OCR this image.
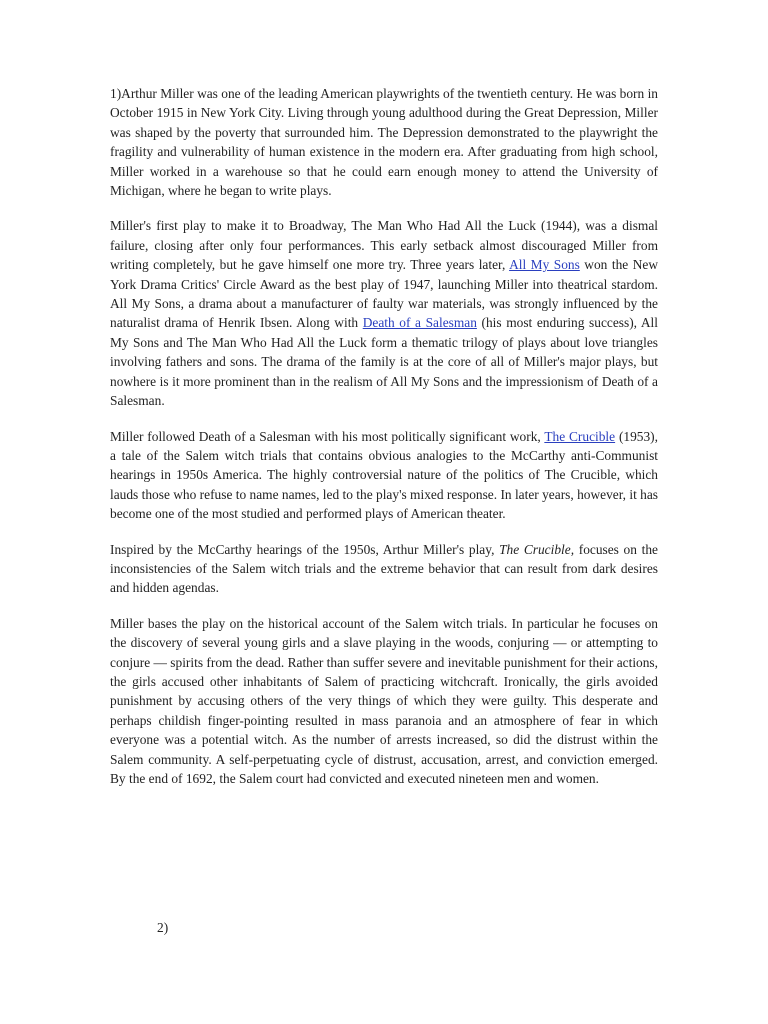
1)Arthur Miller was one of the leading American playwrights of the twentieth century. He was born in October 1915 in New York City. Living through young adulthood during the Great Depression, Miller was shaped by the poverty that surrounded him. The Depression demonstrated to the playwright the fragility and vulnerability of human existence in the modern era. After graduating from high school, Miller worked in a warehouse so that he could earn enough money to attend the University of Michigan, where he began to write plays.

Miller's first play to make it to Broadway, The Man Who Had All the Luck (1944), was a dismal failure, closing after only four performances. This early setback almost discouraged Miller from writing completely, but he gave himself one more try. Three years later, All My Sons won the New York Drama Critics' Circle Award as the best play of 1947, launching Miller into theatrical stardom. All My Sons, a drama about a manufacturer of faulty war materials, was strongly influenced by the naturalist drama of Henrik Ibsen. Along with Death of a Salesman (his most enduring success), All My Sons and The Man Who Had All the Luck form a thematic trilogy of plays about love triangles involving fathers and sons. The drama of the family is at the core of all of Miller's major plays, but nowhere is it more prominent than in the realism of All My Sons and the impressionism of Death of a Salesman.

Miller followed Death of a Salesman with his most politically significant work, The Crucible (1953), a tale of the Salem witch trials that contains obvious analogies to the McCarthy anti-Communist hearings in 1950s America. The highly controversial nature of the politics of The Crucible, which lauds those who refuse to name names, led to the play's mixed response. In later years, however, it has become one of the most studied and performed plays of American theater.

Inspired by the McCarthy hearings of the 1950s, Arthur Miller's play, The Crucible, focuses on the inconsistencies of the Salem witch trials and the extreme behavior that can result from dark desires and hidden agendas.

Miller bases the play on the historical account of the Salem witch trials. In particular he focuses on the discovery of several young girls and a slave playing in the woods, conjuring — or attempting to conjure — spirits from the dead. Rather than suffer severe and inevitable punishment for their actions, the girls accused other inhabitants of Salem of practicing witchcraft. Ironically, the girls avoided punishment by accusing others of the very things of which they were guilty. This desperate and perhaps childish finger-pointing resulted in mass paranoia and an atmosphere of fear in which everyone was a potential witch. As the number of arrests increased, so did the distrust within the Salem community. A self-perpetuating cycle of distrust, accusation, arrest, and conviction emerged. By the end of 1692, the Salem court had convicted and executed nineteen men and women.

2)
